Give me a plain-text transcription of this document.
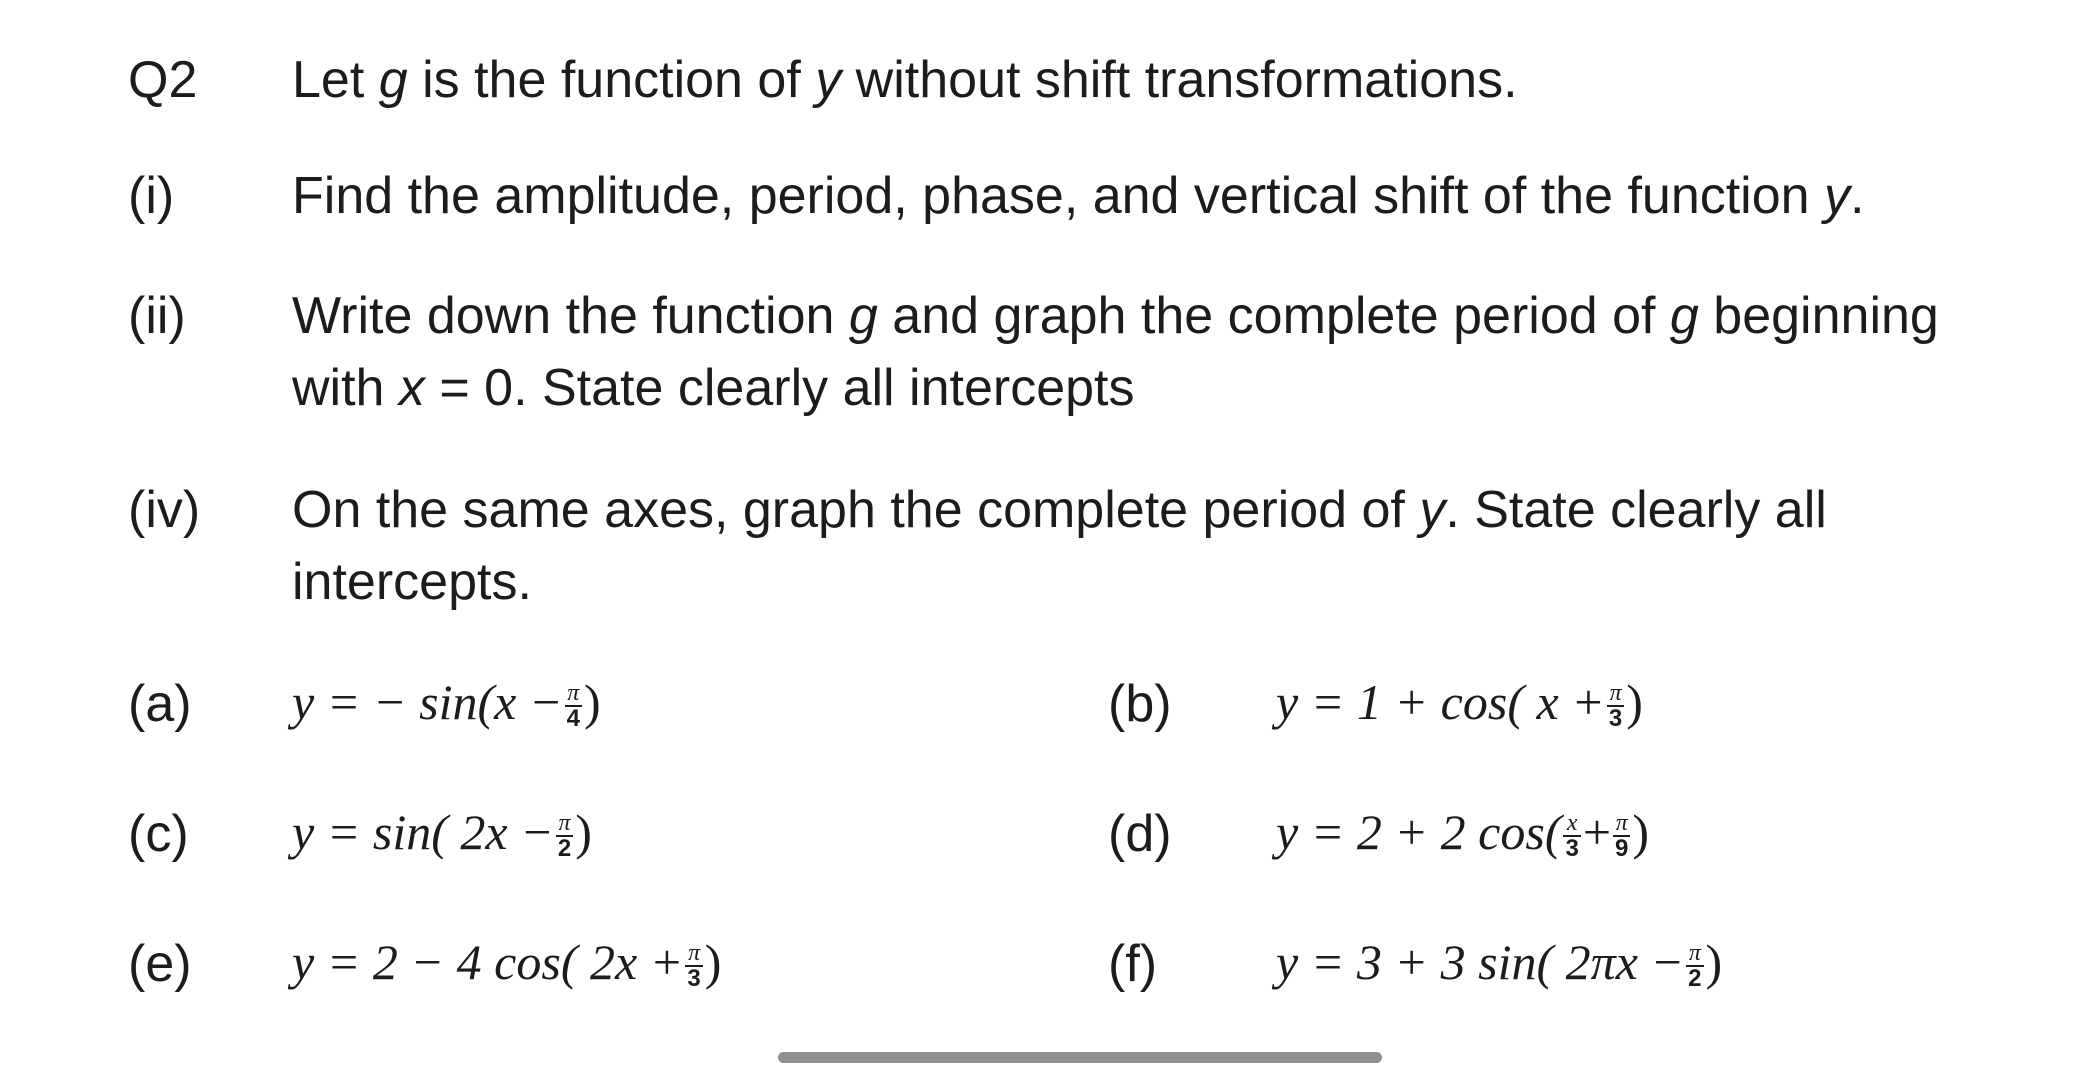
Q2 Let g is the function of y without shift transformations.
(i) Find the amplitude, period, phase, and vertical shift of the function y.
(ii) Write down the function g and graph the complete period of g beginning
with x = 0. State clearly all intercepts
(iv) On the same axes, graph the complete period of y. State clearly all
intercepts.
(a) y = − $\sin(x - \frac{\pi}{4}$ )	(b) y = 1 + cos( $x + \frac{\pi}{3}$ )
(c) y = sin( $2x - \frac{\pi}{2}$ )	(d) y = 2 + 2 $\cos( \frac{x}{3} + \frac{\pi}{9}$ )
(e) y = 2 − 4 cos( $2x + \frac{\pi}{3}$ )	(f) y = 3 + 3 sin( $2\pi x - \frac{\pi}{2}$ )
